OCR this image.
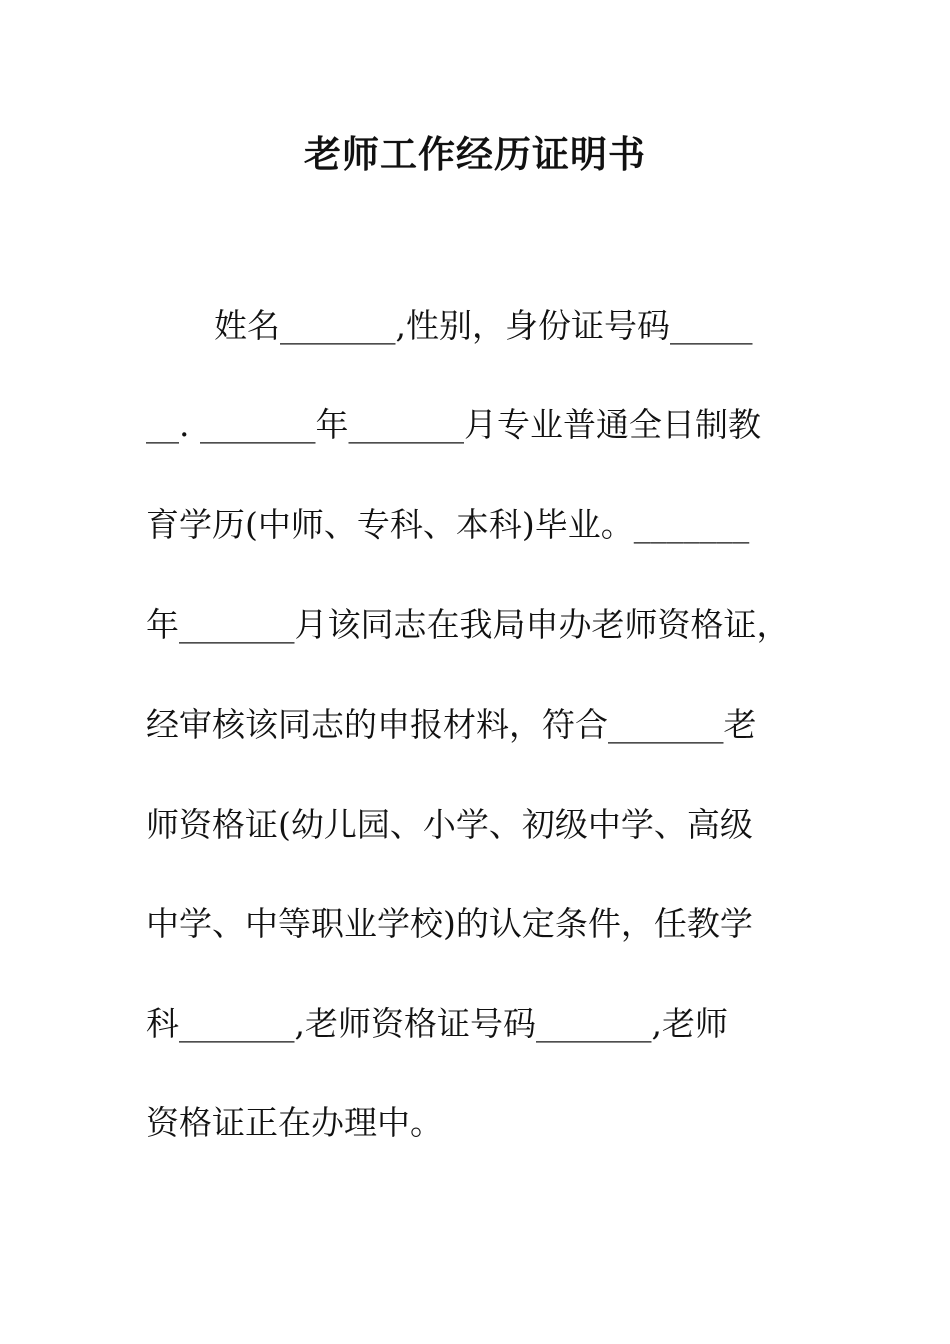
老师工作经历证明书
姓名_______,性别，身份证号码_____
__. _______年_______月专业普通全日制教
育学历(中师、专科、本科)毕业。_______
年_______月该同志在我局申办老师资格证，
经审核该同志的申报材料，符合_______老
师资格证(幼儿园、小学、初级中学、高级
中学、中等职业学校)的认定条件，任教学
科_______,老师资格证号码_______,老师
资格证正在办理中。
